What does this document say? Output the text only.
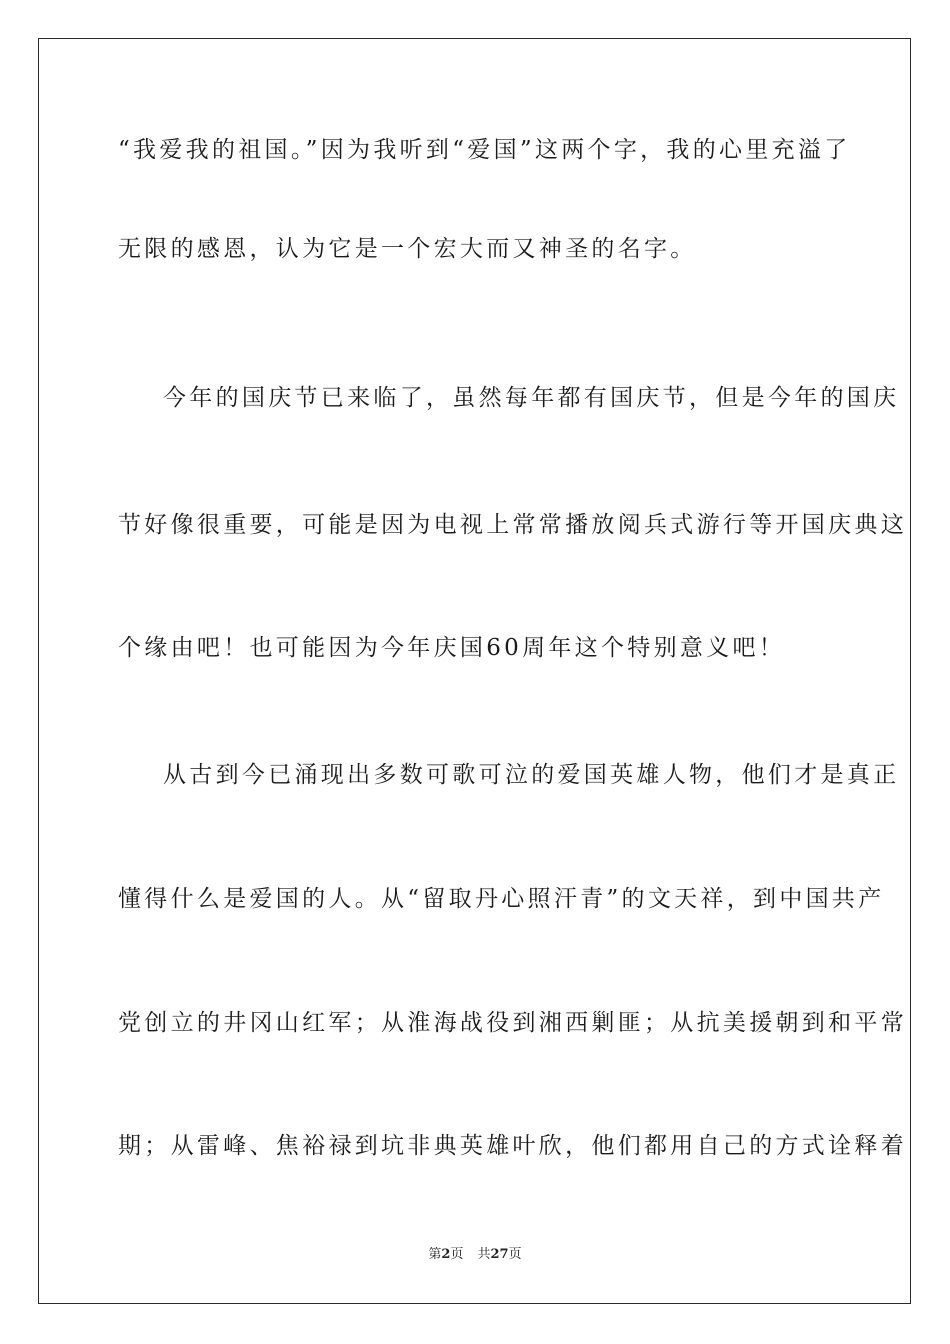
“我爱我的祖国。”因为我听到“爱国”这两个字，我的心里充溢了
无限的感恩，认为它是一个宏大而又神圣的名字。
今年的国庆节已来临了，虽然每年都有国庆节，但是今年的国庆
节好像很重要，可能是因为电视上常常播放阅兵式游行等开国庆典这
个缘由吧！也可能因为今年庆国60周年这个特别意义吧！
从古到今已涌现出多数可歌可泣的爱国英雄人物，他们才是真正
懂得什么是爱国的人。从“留取丹心照汗青”的文天祥，到中国共产
党创立的井冈山红军；从淮海战役到湘西剿匪；从抗美援朝到和平常
期；从雷峰、焦裕禄到坑非典英雄叶欣，他们都用自己的方式诠释着
第2页 共27页
